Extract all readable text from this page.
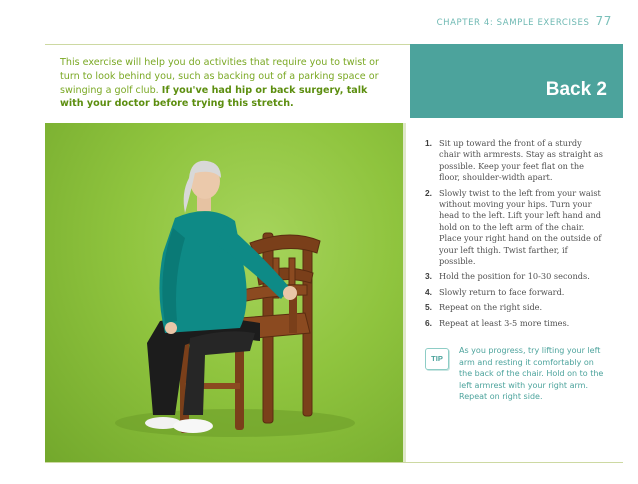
CHAPTER 4: SAMPLE EXERCISES 77
This exercise will help you do activities that require you to twist or turn to look behind you, such as backing out of a parking space or swinging a golf club. If you've had hip or back surgery, talk with your doctor before trying this stretch.
Back 2
1. Sit up toward the front of a sturdy chair with armrests. Stay as straight as possible. Keep your feet flat on the floor, shoulder-width apart.
2. Slowly twist to the left from your waist without moving your hips. Turn your head to the left. Lift your left hand and hold on to the left arm of the chair. Place your right hand on the outside of your left thigh. Twist farther, if possible.
3. Hold the position for 10-30 seconds.
4. Slowly return to face forward.
5. Repeat on the right side.
6. Repeat at least 3-5 more times.
TIP
As you progress, try lifting your left arm and resting it comfortably on the back of the chair. Hold on to the left armrest with your right arm. Repeat on right side.
